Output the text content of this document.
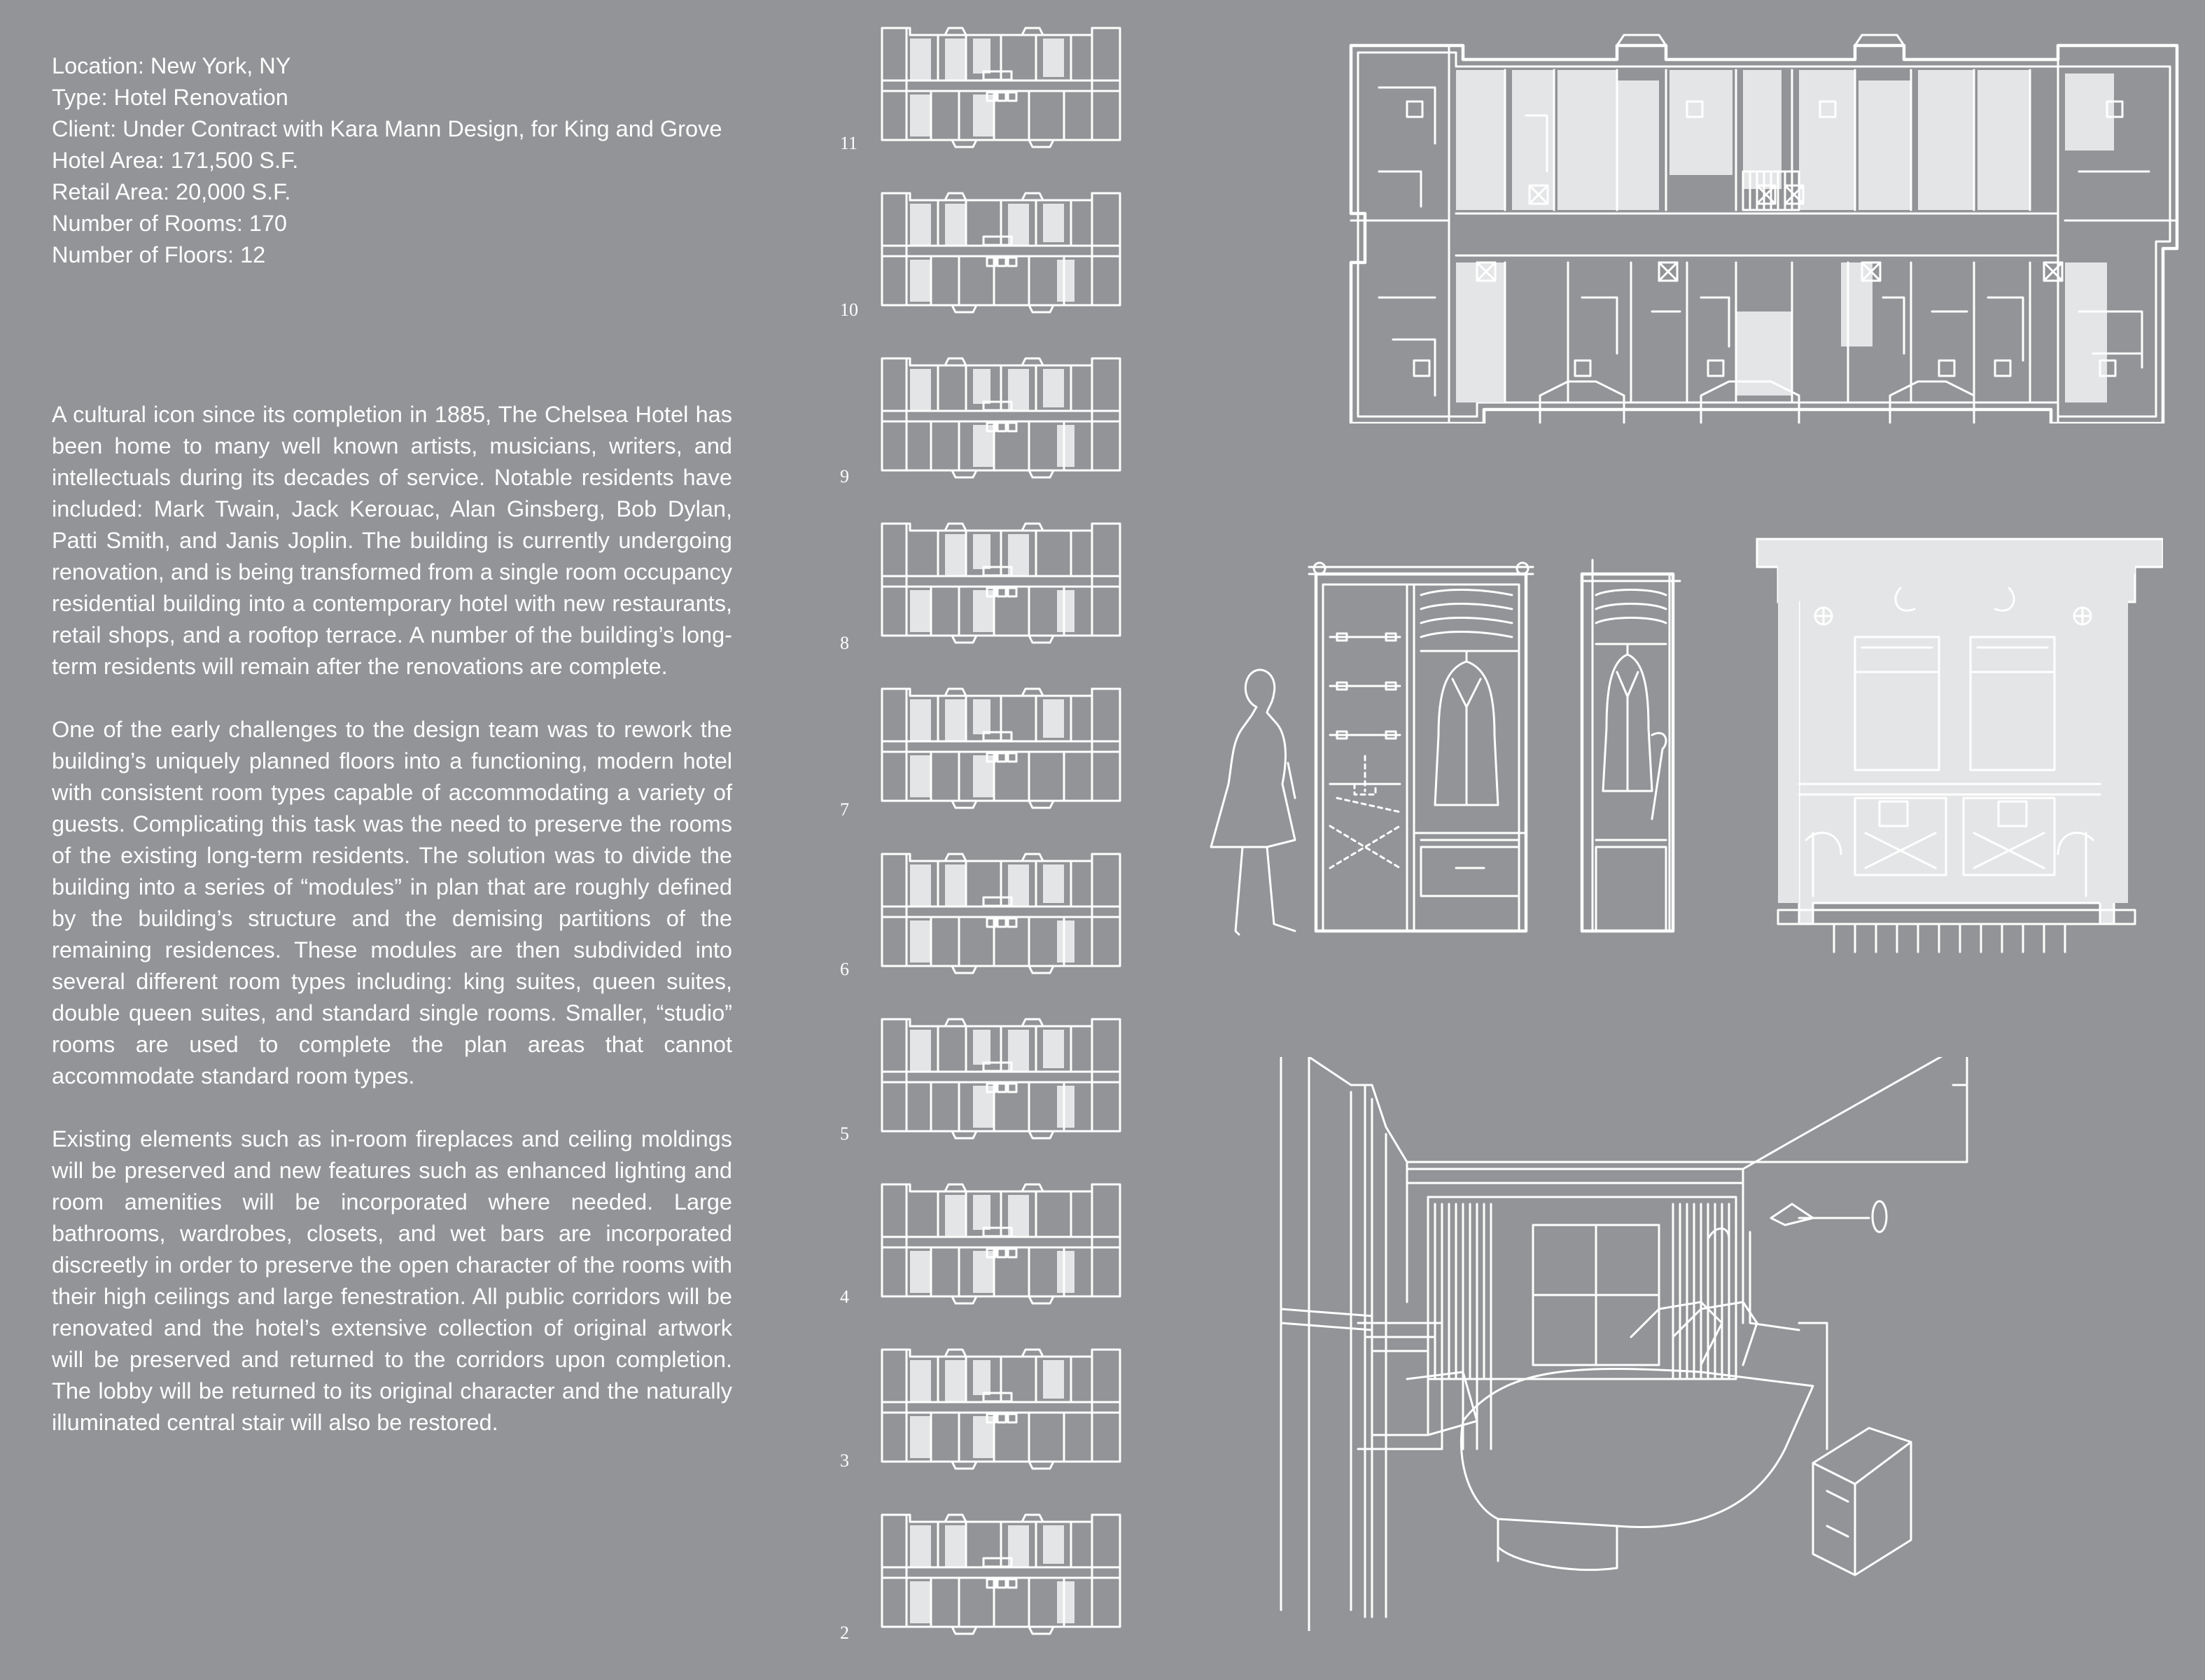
Location: New York, NY
Type: Hotel Renovation
Client: Under Contract with Kara Mann Design, for King and Grove
Hotel Area: 171,500 S.F.
Retail Area: 20,000 S.F.
Number of Rooms: 170
Number of Floors: 12

A cultural icon since its completion in 1885, The Chelsea Hotel has been home to many well known artists, musicians, writers, and intellectuals during its decades of service. Notable residents have included: Mark Twain, Jack Kerouac, Alan Ginsberg, Bob Dylan, Patti Smith, and Janis Joplin. The building is currently undergoing renovation, and is being transformed from a single room occupancy residential building into a contemporary hotel with new restaurants, retail shops, and a rooftop terrace. A number of the building’s long-term residents will remain after the renovations are complete.

One of the early challenges to the design team was to rework the building’s uniquely planned floors into a functioning, modern hotel with consistent room types capable of accommodating a variety of guests. Complicating this task was the need to preserve the rooms of the existing long-term residents. The solution was to divide the building into a series of “modules” in plan that are roughly defined by the building’s structure and the demising partitions of the remaining residences. These modules are then subdivided into several different room types including: king suites, queen suites, double queen suites, and standard single rooms. Smaller, “studio” rooms are used to complete the plan areas that cannot accommodate standard room types.

Existing elements such as in-room fireplaces and ceiling moldings will be preserved and new features such as enhanced lighting and room amenities will be incorporated where needed. Large bathrooms, wardrobes, closets, and wet bars are incorporated discreetly in order to preserve the open character of the rooms with their high ceilings and large fenestration. All public corridors will be renovated and the hotel’s extensive collection of original artwork will be preserved and returned to the corridors upon completion. The lobby will be returned to its original character and the naturally illuminated central stair will also be restored.

11
10
9
8
7
6
5
4
3
2
